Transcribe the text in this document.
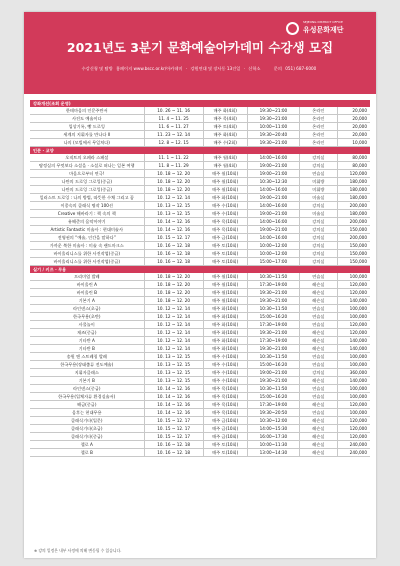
SEJEONG DISTRICT OFFICE
유성문화재단
2021년도 3분기 문화예술아카데미 수강생 모집
수강신청 및 탐방 홈페이지 www.bscc.or.kr/아카데미 · 강원연대 및 장사동 13건일 · 신학소	문의 051) 687-6000
강좌개선(조회 운영)					
한테마음의 인문주만서	10. 26 ~ 11. 16	매주 화(4회)	19:30~21:00	온라인	20,000
사진도 예술이다	11. 4 ~ 11. 25	매주 목(4회)	19:30~21:00	온라인	20,000
입상기록, 빵 드로잉	11. 6 ~ 11. 27	매주 토(4회)	10:00~11:00	온라인	20,000
세계의 지휘자를 만나다 II	11. 23 ~ 12. 14	매주 화(4회)	19:30~20:40	온라인	20,000
나의 (모빌에서 무일처다)	12. 8 ~ 12. 15	매주 수(2회)	19:30~21:00	온라인	10,000
인문 · 교양					
오직트의 오페라 스페셜	11. 1 ~ 11. 22	매주 월(4회)	14:00~16:00	강의실	80,000
탐정실의 무엇보다 소설을 · 소설로 떠나는 일본 여행	11. 8 ~ 11. 29	매주 월(4회)	19:00~21:00	강의실	80,000
마음으로부터 연극!	10. 18 ~ 12. 20	매주 월(10회)	19:00~21:00	연습실	120,000
나만의 드로잉 그로잉(중급)	10. 18 ~ 12. 20	매주 월(10회)	10:30~12:30	미휘방	180,000
나만의 드로잉 그로잉(중급)	10. 18 ~ 12. 20	매주 월(10회)	14:00~16:00	미휘방	180,000
일러스트 드로잉 : 나의 방법, 따뜻한 수채 그리고 꿈	10. 12 ~ 12. 14	매주 화(10회)	19:00~21:00	미술실	180,000
이종숙의 클래식 명작 100선	10. 13 ~ 12. 15	매주 수(10회)	14:00~16:00	강의실	200,000
Creative 해바라기 : 책 속의 책	10. 13 ~ 12. 15	매주 수(10회)	19:00~21:00	미술실	180,000
유해준의 음악이야기	10. 14 ~ 12. 16	매주 목(10회)	14:00~16:00	강의실	200,000
Artistic Fantastic 미술사 : 현대미술사	10. 14 ~ 12. 16	매주 목(10회)	19:00~21:00	강의실	150,000
전영권의 “예술, 인간을 말하다”	10. 15 ~ 12. 17	매주 금(10회)	14:00~16:00	강의실	200,000
가까운 북한 미술사 : 미술 속 랜드마크스	10. 16 ~ 12. 18	매주 토(10회)	10:00~12:00	강의실	150,000
바이올리니스를 위한 사진작업(중급)	10. 16 ~ 12. 18	매주 토(10회)	10:00~12:00	강의실	150,000
바이올리니스를 위한 사진작업(중급)	10. 16 ~ 12. 18	매주 토(10회)	15:00~17:00	강의실	150,000
실기 / 키즈 · 무용					
프리미엄 발레	10. 18 ~ 12. 20	매주 월(10회)	10:30~11:50	연습실	100,000
바이올린 A	10. 18 ~ 12. 20	매주 월(10회)	17:30~19:00	레슨실	120,000
바이올린 B	10. 18 ~ 12. 20	매주 월(10회)	19:30~21:00	레슨실	120,000
기본기 A	10. 18 ~ 12. 20	매주 월(10회)	19:30~21:00	레슨실	140,000
라인댄스(초급)	10. 12 ~ 12. 14	매주 화(10회)	10:30~11:50	연습실	100,000
한국무용(초반)	10. 12 ~ 12. 14	매주 화(10회)	15:00~16:20	연습실	100,000
사물놀이	10. 12 ~ 12. 14	매주 화(10회)	17:30~19:00	연습실	120,000
재즈(중급)	10. 12 ~ 12. 14	매주 화(10회)	19:30~21:00	레슨실	120,000
기타반 A	10. 12 ~ 12. 14	매주 화(10회)	17:30~19:00	레슨실	140,000
기타반 B	10. 12 ~ 12. 14	매주 화(10회)	19:30~21:00	레슨실	140,000
송원 앤 스트레칭 발레	10. 13 ~ 12. 15	매주 수(10회)	10:30~11:50	연습실	100,000
한국무용(장태춤류 전도예술)	10. 13 ~ 12. 15	매주 수(10회)	15:00~16:20	연습실	100,000
지휘자클래스	10. 13 ~ 12. 15	매주 수(10회)	19:00~21:00	강의실	360,000
기본기 B	10. 13 ~ 12. 15	매주 수(10회)	19:30~21:00	레슨실	140,000
라인댄스(중급)	10. 14 ~ 12. 16	매주 목(10회)	10:30~11:50	연습실	100,000
한국무용(입체자류 환경실술서)	10. 14 ~ 12. 16	매주 목(10회)	15:00~16:20	연습실	100,000
해금(중급)	10. 14 ~ 12. 16	매주 목(10회)	17:30~19:00	레슨실	120,000
음후는 현대무용	10. 14 ~ 12. 16	매주 목(10회)	19:30~20:50	연습실	100,000
클래식기타(입문)	10. 15 ~ 12. 17	매주 금(10회)	10:30~12:00	레슨실	120,000
클래식기타(초급)	10. 15 ~ 12. 17	매주 금(10회)	14:00~15:30	레슨실	120,000
클래식기타(중급)	10. 15 ~ 12. 17	매주 금(10회)	16:00~17:30	레슨실	120,000
첼로 A	10. 16 ~ 12. 18	매주 토(10회)	10:00~11:30	레슨실	240,000
첼로 B	10. 16 ~ 12. 18	매주 토(10회)	13:00~14:30	레슨실	240,000
※ 강의 일정은 내부 사정에 의해 변동될 수 있습니다.
